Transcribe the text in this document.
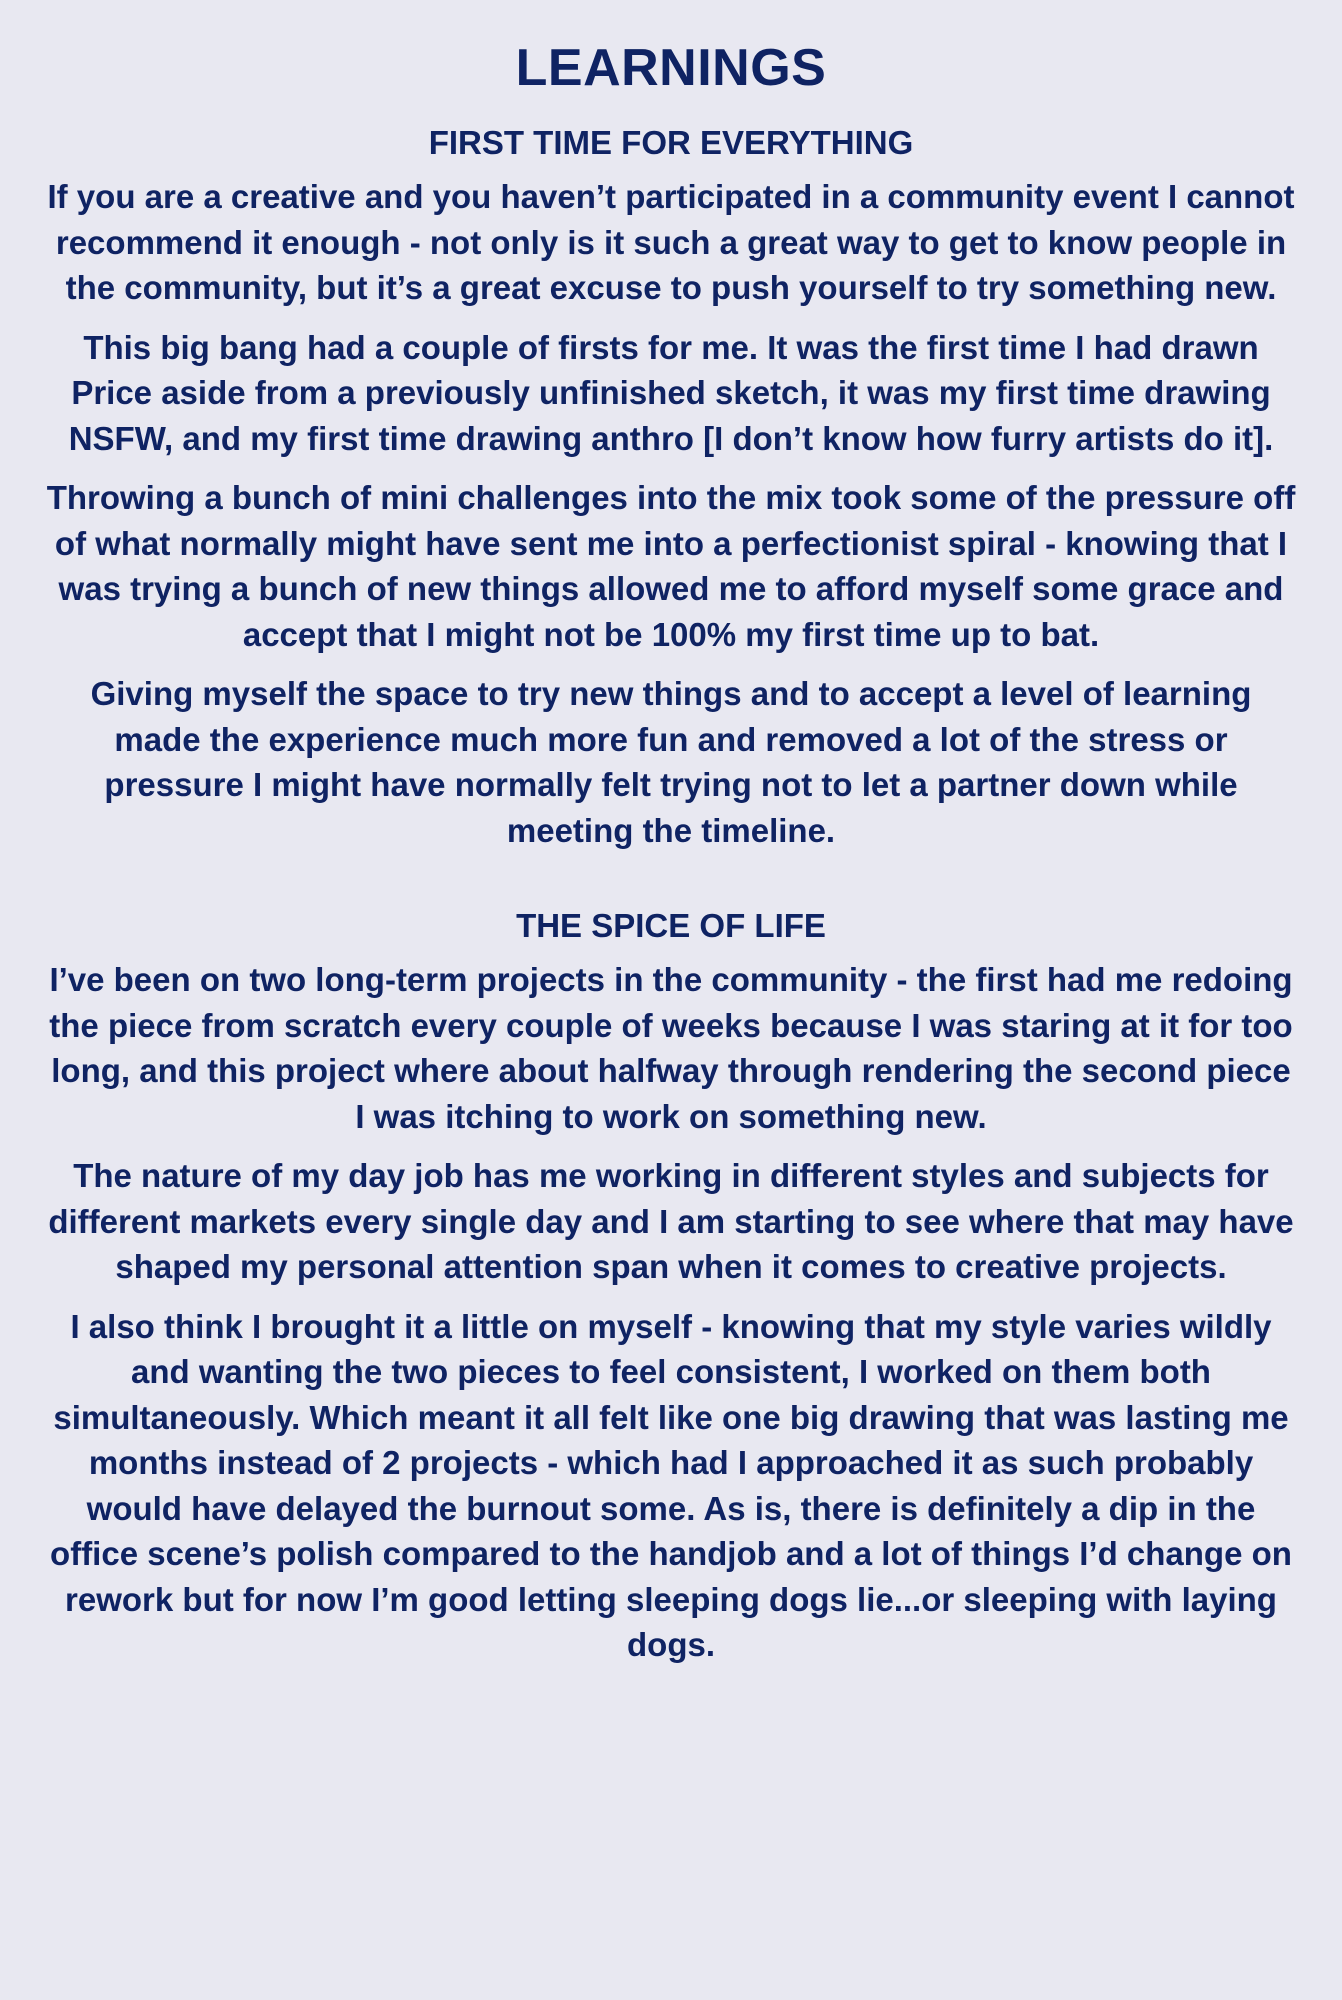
LEARNINGS
FIRST TIME FOR EVERYTHING

If you are a creative and you haven’t participated in a community event I cannot recommend it enough - not only is it such a great way to get to know people in the community, but it’s a great excuse to push yourself to try something new.

This big bang had a couple of firsts for me. It was the first time I had drawn Price aside from a previously unfinished sketch, it was my first time drawing NSFW, and my first time drawing anthro [I don’t know how furry artists do it].

Throwing a bunch of mini challenges into the mix took some of the pressure off of what normally might have sent me into a perfectionist spiral - knowing that I was trying a bunch of new things allowed me to afford myself some grace and accept that I might not be 100% my first time up to bat.

Giving myself the space to try new things and to accept a level of learning made the experience much more fun and removed a lot of the stress or pressure I might have normally felt trying not to let a partner down while meeting the timeline.

THE SPICE OF LIFE

I’ve been on two long-term projects in the community - the first had me redoing the piece from scratch every couple of weeks because I was staring at it for too long, and this project where about halfway through rendering the second piece I was itching to work on something new.

The nature of my day job has me working in different styles and subjects for different markets every single day and I am starting to see where that may have shaped my personal attention span when it comes to creative projects.

I also think I brought it a little on myself - knowing that my style varies wildly and wanting the two pieces to feel consistent, I worked on them both simultaneously. Which meant it all felt like one big drawing that was lasting me months instead of 2 projects - which had I approached it as such probably would have delayed the burnout some. As is, there is definitely a dip in the office scene’s polish compared to the handjob and a lot of things I’d change on rework but for now I’m good letting sleeping dogs lie...or sleeping with laying dogs.
